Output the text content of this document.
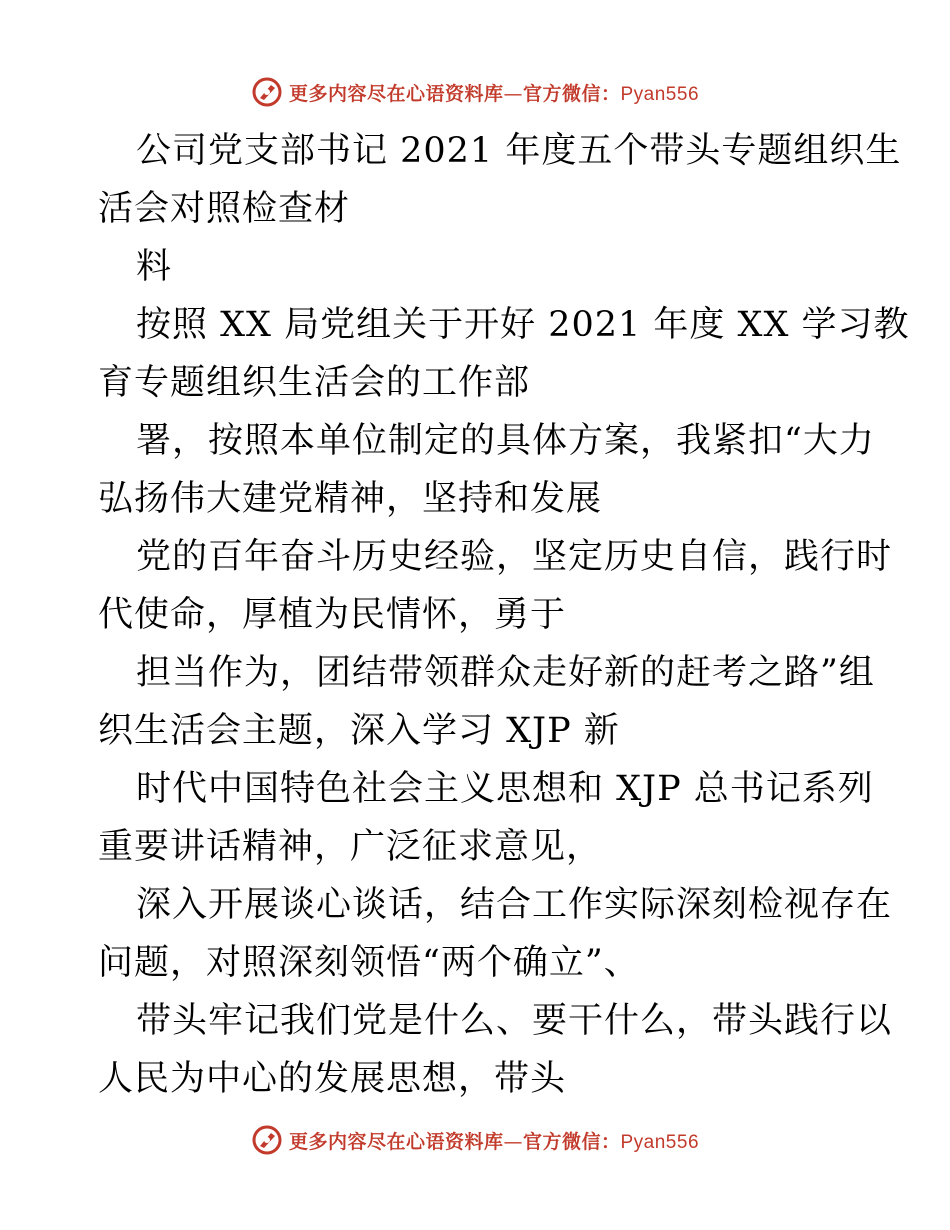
更多内容尽在心语资料库—官方微信：Pyan556
公司党支部书记 2021 年度五个带头专题组织生
活会对照检查材
料
按照 XX 局党组关于开好 2021 年度 XX 学习教
育专题组织生活会的工作部
署，按照本单位制定的具体方案，我紧扣“大力
弘扬伟大建党精神，坚持和发展
党的百年奋斗历史经验，坚定历史自信，践行时
代使命，厚植为民情怀，勇于
担当作为，团结带领群众走好新的赶考之路”组
织生活会主题，深入学习 XJP 新
时代中国特色社会主义思想和 XJP 总书记系列
重要讲话精神，广泛征求意见，
深入开展谈心谈话，结合工作实际深刻检视存在
问题，对照深刻领悟“两个确立”、
带头牢记我们党是什么、要干什么，带头践行以
人民为中心的发展思想，带头
更多内容尽在心语资料库—官方微信：Pyan556
